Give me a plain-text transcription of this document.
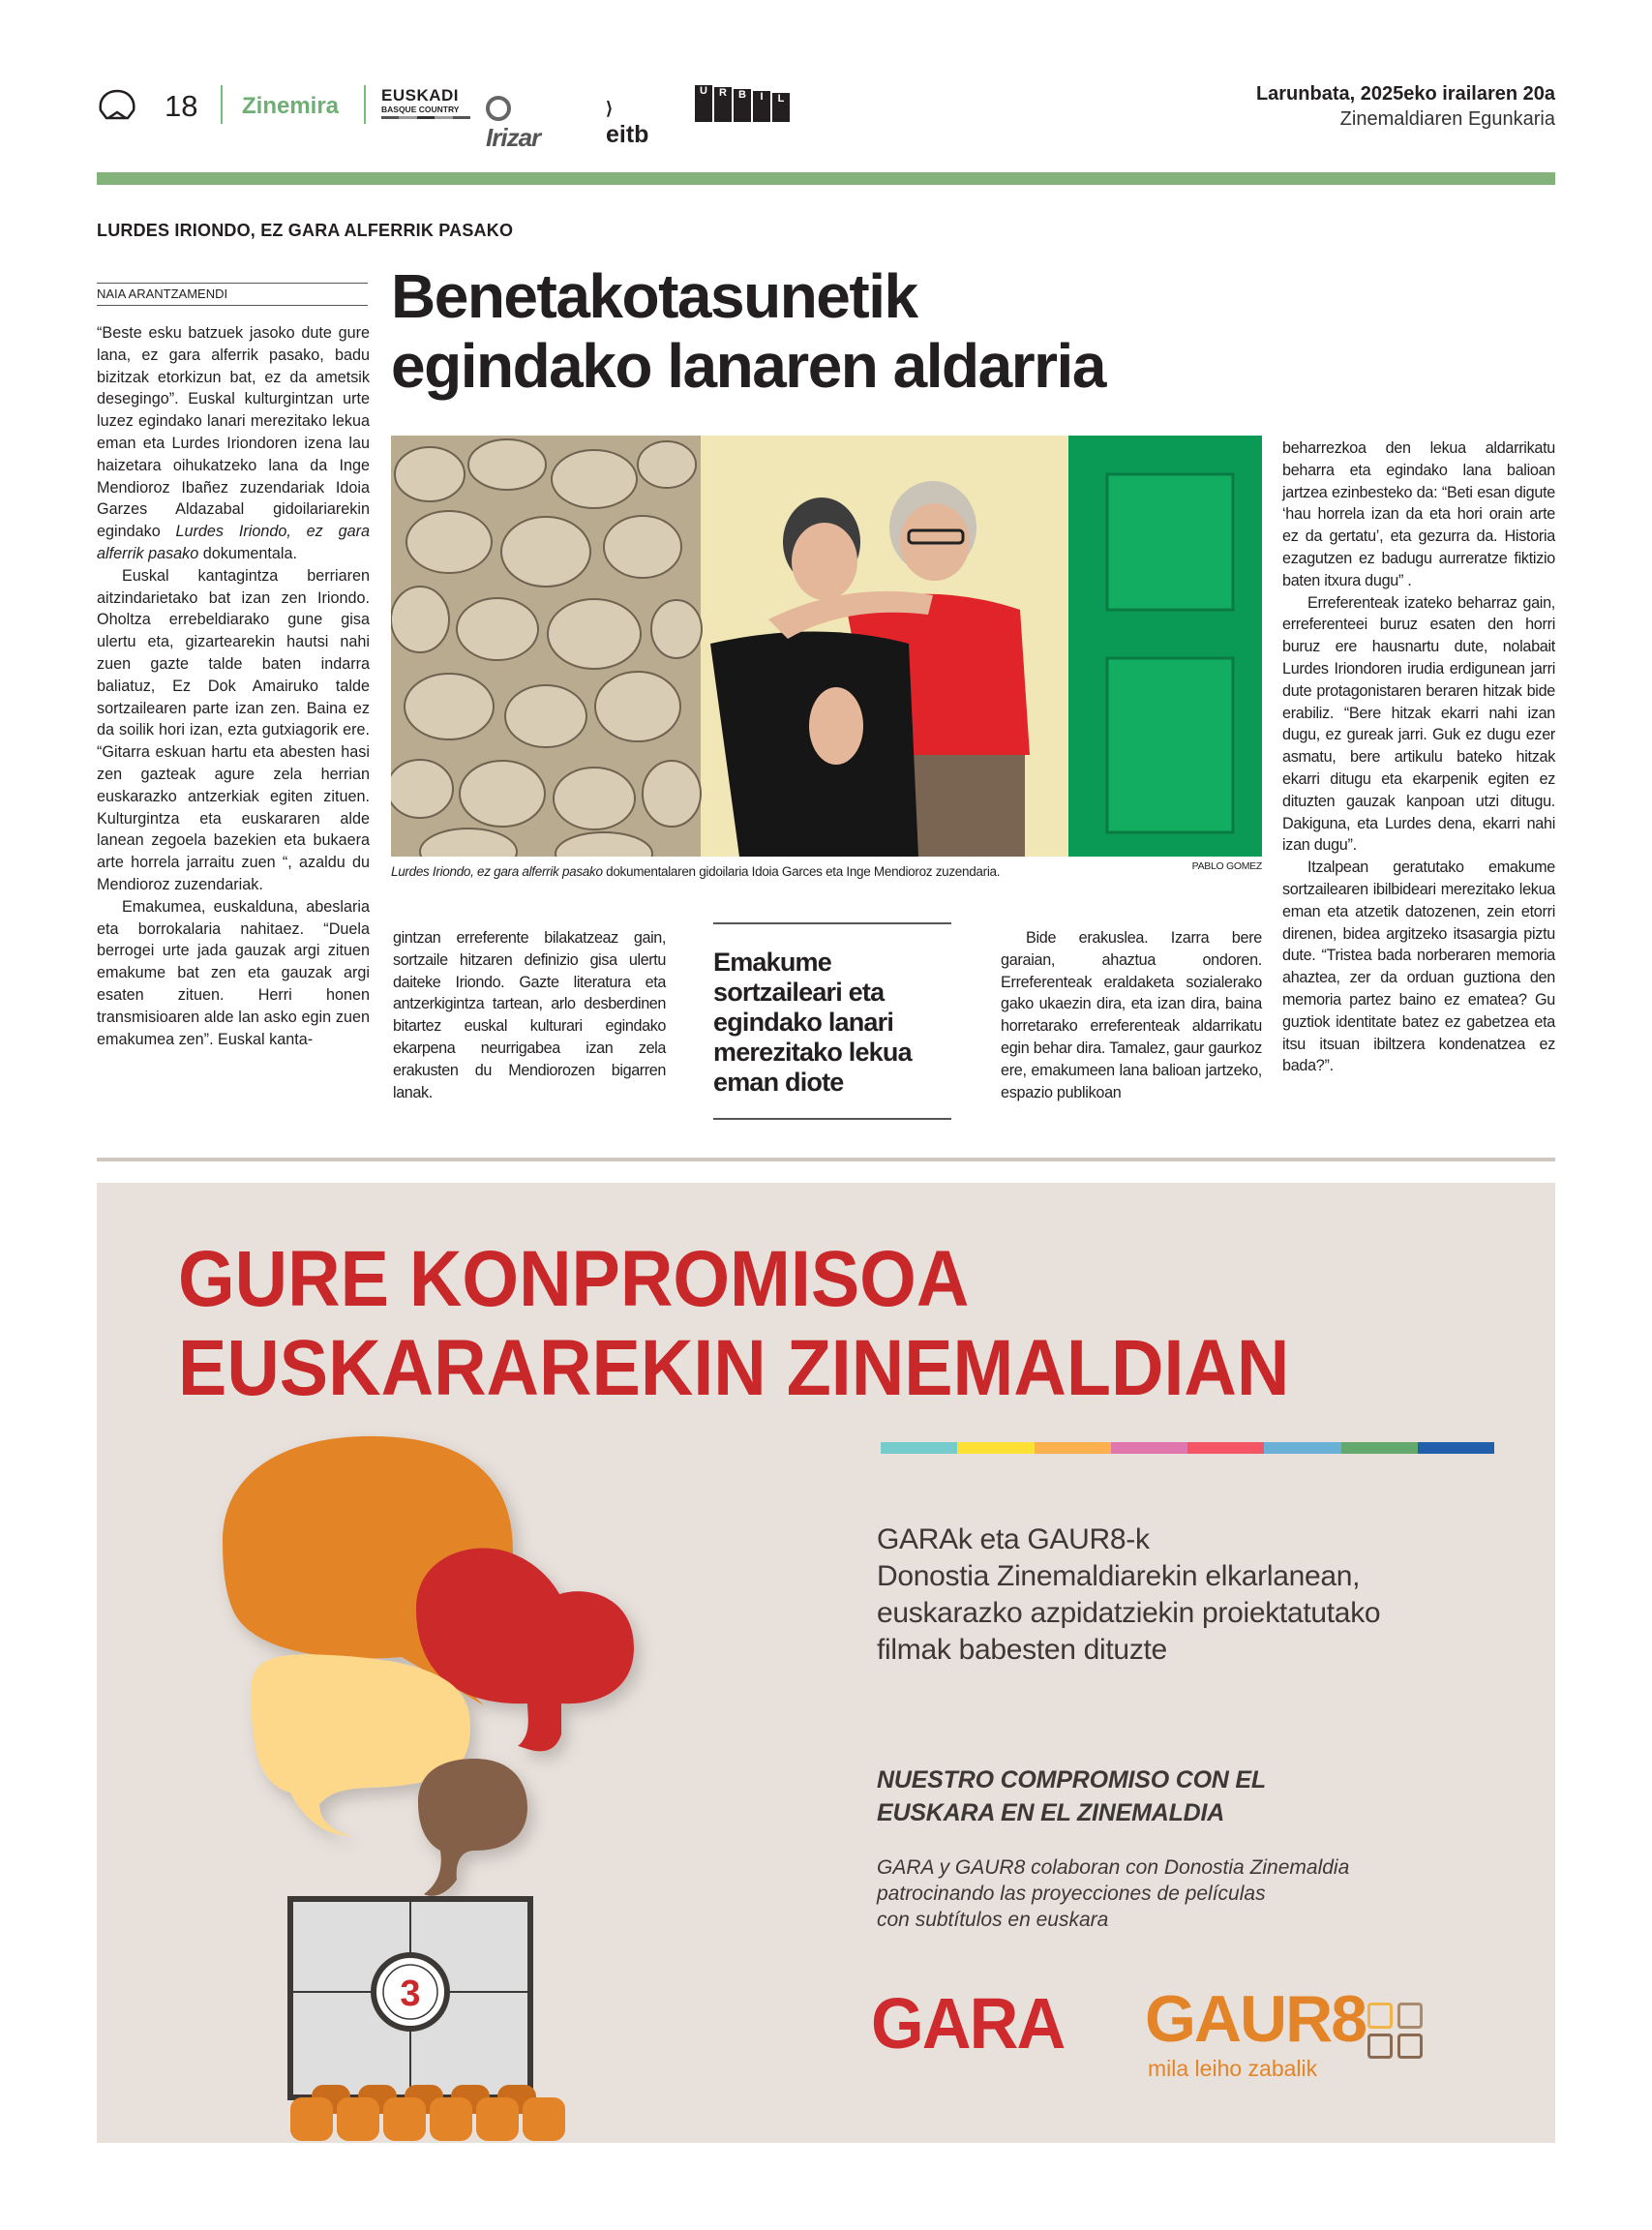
18 Zinemira	EUSKADI
BASQUE COUNTRY
Irizar
⟩eitb
U	R	B	I	L	Larunbata, 2025eko irailaren 20a
Zinemaldiaren Egunkaria
LURDES IRIONDO, EZ GARA ALFERRIK PASAKO
NAIA ARANTZAMENDI	Benetakotasunetik
egindako lanaren aldarria

“Beste esku batzuek jasoko dute gure lana, ez gara alferrik pasako, badu bizitzak etorkizun bat, ez da ametsik desegingo”. Euskal kulturgintzan urte luzez egindako lanari merezitako lekua eman eta Lurdes Iriondoren izena lau haizetara oihukatzeko lana da Inge Mendioroz Ibañez zuzendariak Idoia Garzes Aldazabal gidoilariarekin egindako Lurdes Iriondo, ez gara alferrik pasako dokumentala.

Euskal kantagintza berriaren aitzindarietako bat izan zen Iriondo. Oholtza errebeldiarako gune gisa ulertu eta, gizartearekin hautsi nahi zuen gazte talde baten indarra baliatuz, Ez Dok Amairuko talde sortzailearen parte izan zen. Baina ez da soilik hori izan, ezta gutxiagorik ere. “Gitarra eskuan hartu eta abesten hasi zen gazteak agure zela herrian euskarazko antzerkiak egiten zituen. Kulturgintza eta euskararen alde lanean zegoela bazekien eta bukaera arte horrela jarraitu zuen “, azaldu du Mendioroz zuzendariak.

Emakumea, euskalduna, abeslaria eta borrokalaria nahitaez. “Duela berrogei urte jada gauzak argi zituen emakume bat zen eta gauzak argi esaten zituen. Herri honen transmisioaren alde lan asko egin zuen emakumea zen”. Euskal kanta-

Lurdes Iriondo, ez gara alferrik pasako dokumentalaren gidoilaria Idoia Garces eta Inge Mendioroz zuzendaria.	PABLO GOMEZ

gintzan erreferente bilakatzeaz gain, sortzaile hitzaren definizio gisa ulertu daiteke Iriondo. Gazte literatura eta antzerkigintza tartean, arlo desberdinen bitartez euskal kulturari egindako ekarpena neurrigabea izan zela erakusten du Mendiorozen bigarren lanak.

Emakume sortzaileari eta egindako lanari merezitako lekua eman diote

Bide erakuslea. Izarra bere garaian, ahaztua ondoren. Erreferenteak eraldaketa sozialerako gako ukaezin dira, eta izan dira, baina horretarako erreferenteak aldarrikatu egin behar dira. Tamalez, gaur gaurkoz ere, emakumeen lana balioan jartzeko, espazio publikoan

beharrezkoa den lekua aldarrikatu beharra eta egindako lana balioan jartzea ezinbesteko da: “Beti esan digute ‘hau horrela izan da eta hori orain arte ez da gertatu’, eta gezurra da. Historia ezagutzen ez badugu aurreratze fiktizio baten itxura dugu” .

Erreferenteak izateko beharraz gain, erreferenteei buruz esaten den horri buruz ere hausnartu dute, nolabait Lurdes Iriondoren irudia erdigunean jarri dute protagonistaren beraren hitzak bide erabiliz. “Bere hitzak ekarri nahi izan dugu, ez gureak jarri. Guk ez dugu ezer asmatu, bere artikulu bateko hitzak ekarri ditugu eta ekarpenik egiten ez dituzten gauzak kanpoan utzi ditugu. Dakiguna, eta Lurdes dena, ekarri nahi izan dugu”.

Itzalpean geratutako emakume sortzailearen ibilbideari merezitako lekua eman eta atzetik datozenen, zein etorri direnen, bidea argitzeko itsasargia piztu dute. “Tristea bada norberaren memoria ahaztea, zer da orduan guztiona den memoria partez baino ez ematea? Gu guztiok identitate batez ez gabetzea eta itsu itsuan ibiltzera kondenatzea ez bada?”.

GURE KONPROMISOA
EUSKARAREKIN ZINEMALDIAN
3
GARAk eta GAUR8-k
Donostia Zinemaldiarekin elkarlanean,
euskarazko azpidatziekin proiektatutako
filmak babesten dituzte
NUESTRO COMPROMISO CON EL
EUSKARA EN EL ZINEMALDIA
GARA y GAUR8 colaboran con Donostia Zinemaldia
patrocinando las proyecciones de películas
con subtítulos en euskara
GARA GAUR8
mila leiho zabalik
